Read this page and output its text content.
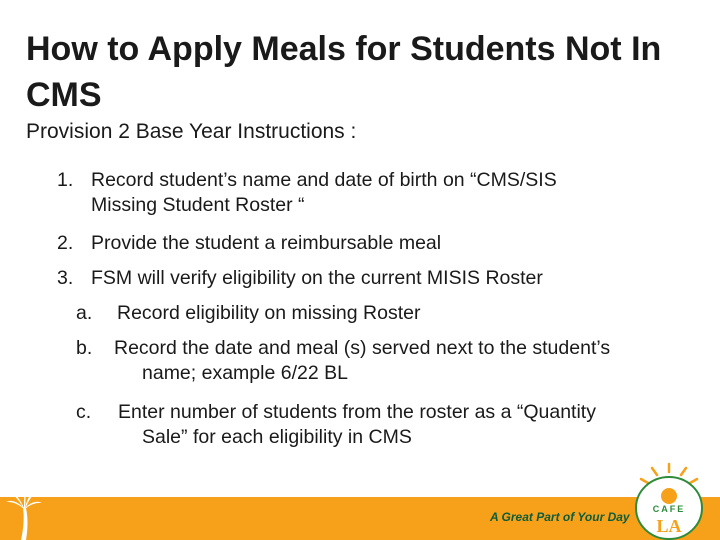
How to Apply Meals for Students Not In CMS

Provision 2 Base Year Instructions :

1. Record student’s name and date of birth on “CMS/SIS
Missing Student Roster “
2. Provide the student a reimbursable meal
3. FSM will verify eligibility on the current MISIS Roster
a. Record eligibility on missing Roster
b. Record the date and meal (s) served next to the student’s
name; example 6/22 BL
c. Enter number of students from the roster as a “Quantity
Sale” for each eligibility in CMS
A Great Part of Your Day
CAFE
LA
